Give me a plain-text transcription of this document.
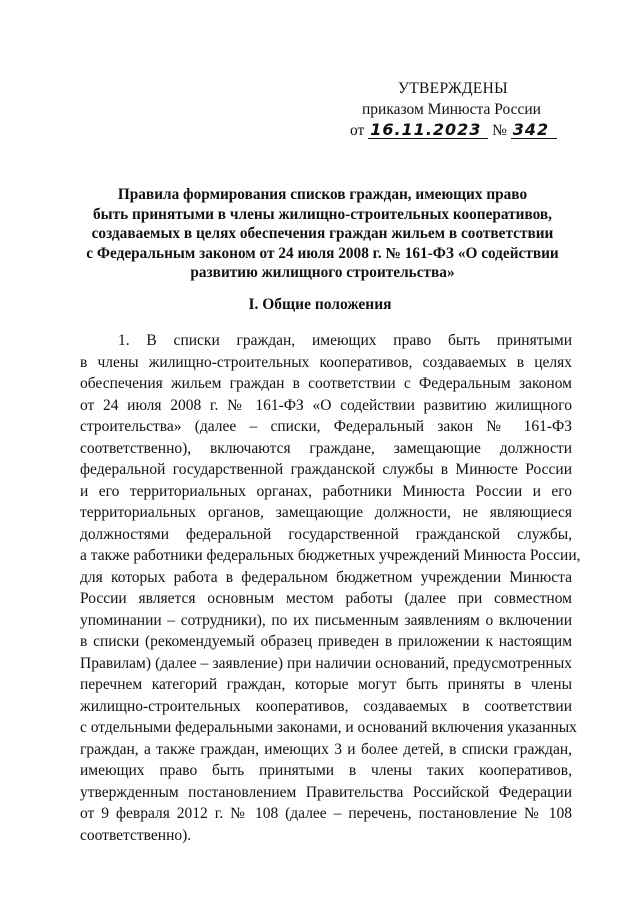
УТВЕРЖДЕНЫ
приказом Минюста России
от 16.11.2023 № 342
Правила формирования списков граждан, имеющих право
быть принятыми в члены жилищно-строительных кооперативов,
создаваемых в целях обеспечения граждан жильем в соответствии
с Федеральным законом от 24 июля 2008 г. № 161-ФЗ «О содействии
развитию жилищного строительства»
I. Общие положения
1. В списки граждан, имеющих право быть принятыми
в члены жилищно-строительных кооперативов, создаваемых в целях
обеспечения жильем граждан в соответствии с Федеральным законом
от 24 июля 2008 г. № 161-ФЗ «О содействии развитию жилищного
строительства» (далее – списки, Федеральный закон № 161-ФЗ
соответственно), включаются граждане, замещающие должности
федеральной государственной гражданской службы в Минюсте России
и его территориальных органах, работники Минюста России и его
территориальных органов, замещающие должности, не являющиеся
должностями федеральной государственной гражданской службы,
а также работники федеральных бюджетных учреждений Минюста России,
для которых работа в федеральном бюджетном учреждении Минюста
России является основным местом работы (далее при совместном
упоминании – сотрудники), по их письменным заявлениям о включении
в списки (рекомендуемый образец приведен в приложении к настоящим
Правилам) (далее – заявление) при наличии оснований, предусмотренных
перечнем категорий граждан, которые могут быть приняты в члены
жилищно-строительных кооперативов, создаваемых в соответствии
с отдельными федеральными законами, и оснований включения указанных
граждан, а также граждан, имеющих 3 и более детей, в списки граждан,
имеющих право быть принятыми в члены таких кооперативов,
утвержденным постановлением Правительства Российской Федерации
от 9 февраля 2012 г. № 108 (далее – перечень, постановление № 108
соответственно).
